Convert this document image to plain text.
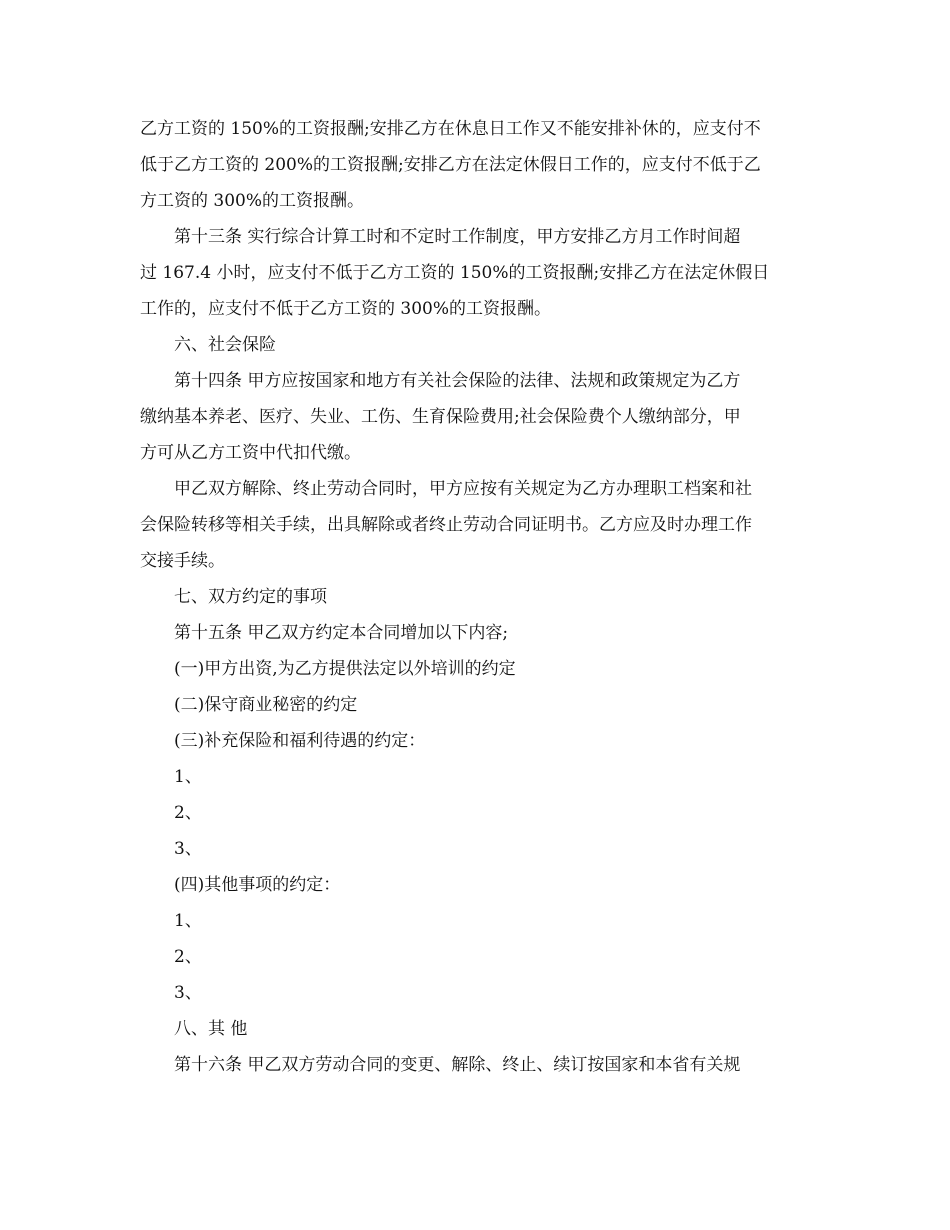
乙方工资的 150%的工资报酬;安排乙方在休息日工作又不能安排补休的，应支付不
低于乙方工资的 200%的工资报酬;安排乙方在法定休假日工作的，应支付不低于乙
方工资的 300%的工资报酬。
第十三条 实行综合计算工时和不定时工作制度，甲方安排乙方月工作时间超
过 167.4 小时，应支付不低于乙方工资的 150%的工资报酬;安排乙方在法定休假日
工作的，应支付不低于乙方工资的 300%的工资报酬。
六、社会保险
第十四条 甲方应按国家和地方有关社会保险的法律、法规和政策规定为乙方
缴纳基本养老、医疗、失业、工伤、生育保险费用;社会保险费个人缴纳部分，甲
方可从乙方工资中代扣代缴。
甲乙双方解除、终止劳动合同时，甲方应按有关规定为乙方办理职工档案和社
会保险转移等相关手续，出具解除或者终止劳动合同证明书。乙方应及时办理工作
交接手续。
七、双方约定的事项
第十五条 甲乙双方约定本合同增加以下内容;
(一)甲方出资,为乙方提供法定以外培训的约定
(二)保守商业秘密的约定
(三)补充保险和福利待遇的约定：
1、
2、
3、
(四)其他事项的约定：
1、
2、
3、
八、其 他
第十六条 甲乙双方劳动合同的变更、解除、终止、续订按国家和本省有关规
